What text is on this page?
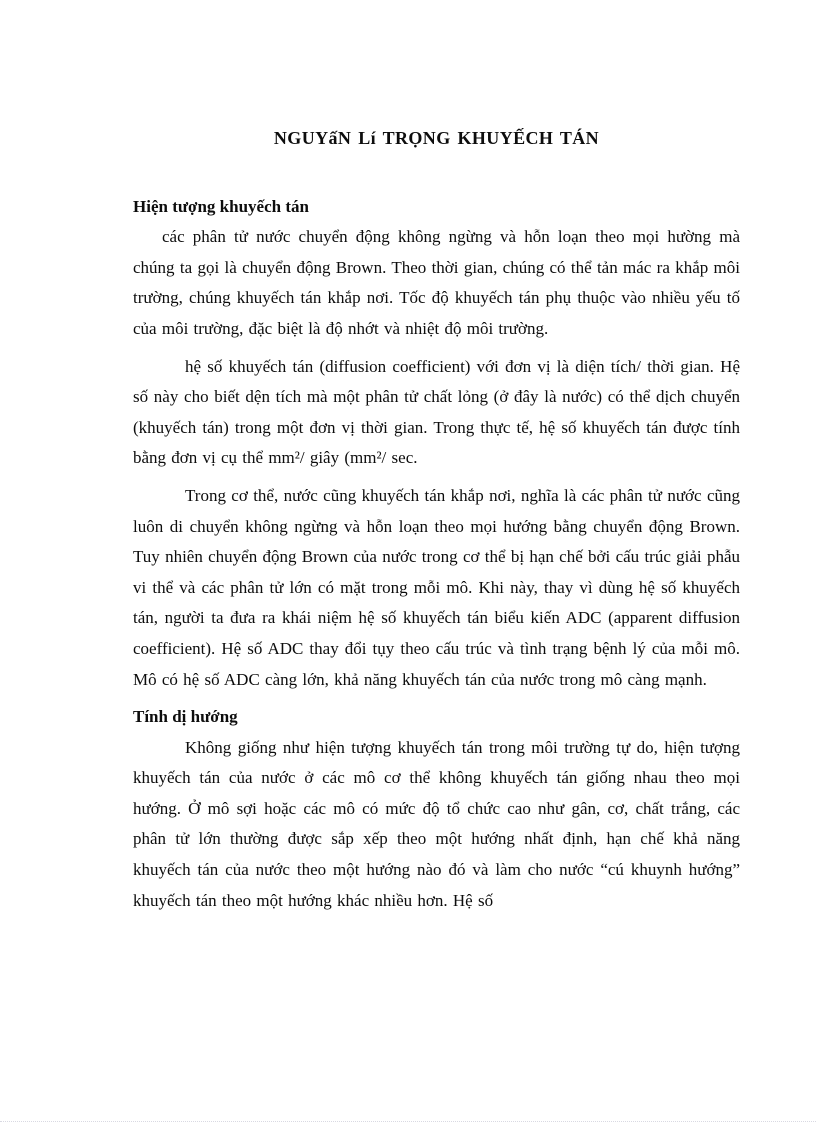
NGUYấN Lí TRỌNG KHUYẾCH TÁN
Hiện tượng khuyếch tán

các phân tử nước chuyển động không ngừng và hỗn loạn theo mọi hường mà chúng ta gọi là chuyển động Brown. Theo thời gian, chúng có thể tản mác ra khắp môi trường, chúng khuyếch tán khắp nơi. Tốc độ khuyếch tán phụ thuộc vào nhiều yếu tố của môi trường, đặc biệt là độ nhớt và nhiệt độ môi trường.

hệ số khuyếch tán (diffusion coefficient) với đơn vị là diện tích/ thời gian. Hệ số này cho biết dện tích mà một phân tử chất lỏng (ở đây là nước) có thể dịch chuyển (khuyếch tán) trong một đơn vị thời gian. Trong thực tế, hệ số khuyếch tán được tính bằng đơn vị cụ thể mm²/ giây (mm²/ sec.

Trong cơ thể, nước cũng khuyếch tán khắp nơi, nghĩa là các phân tử nước cũng luôn di chuyển không ngừng và hỗn loạn theo mọi hướng bằng chuyển động Brown. Tuy nhiên chuyển động Brown của nước trong cơ thể bị hạn chế bởi cấu trúc giải phẫu vi thể và các phân tử lớn có mặt trong mỗi mô. Khi này, thay vì dùng hệ số khuyếch tán, người ta đưa ra khái niệm hệ số khuyếch tán biểu kiến ADC (apparent diffusion coefficient). Hệ số ADC thay đổi tụy theo cấu trúc và tình trạng bệnh lý của mỗi mô. Mô có hệ số ADC càng lớn, khả năng khuyếch tán của nước trong mô càng mạnh.

Tính dị hướng

Không giống như hiện tượng khuyếch tán trong môi trường tự do, hiện tượng khuyếch tán của nước ở các mô cơ thể không khuyếch tán giống nhau theo mọi hướng. Ở mô sợi hoặc các mô có mức độ tổ chức cao như gân, cơ, chất trắng, các phân tử lớn thường được sắp xếp theo một hướng nhất định, hạn chế khả năng khuyếch tán của nước theo một hướng nào đó và làm cho nước “cú khuynh hướng” khuyếch tán theo một hướng khác nhiều hơn. Hệ số
